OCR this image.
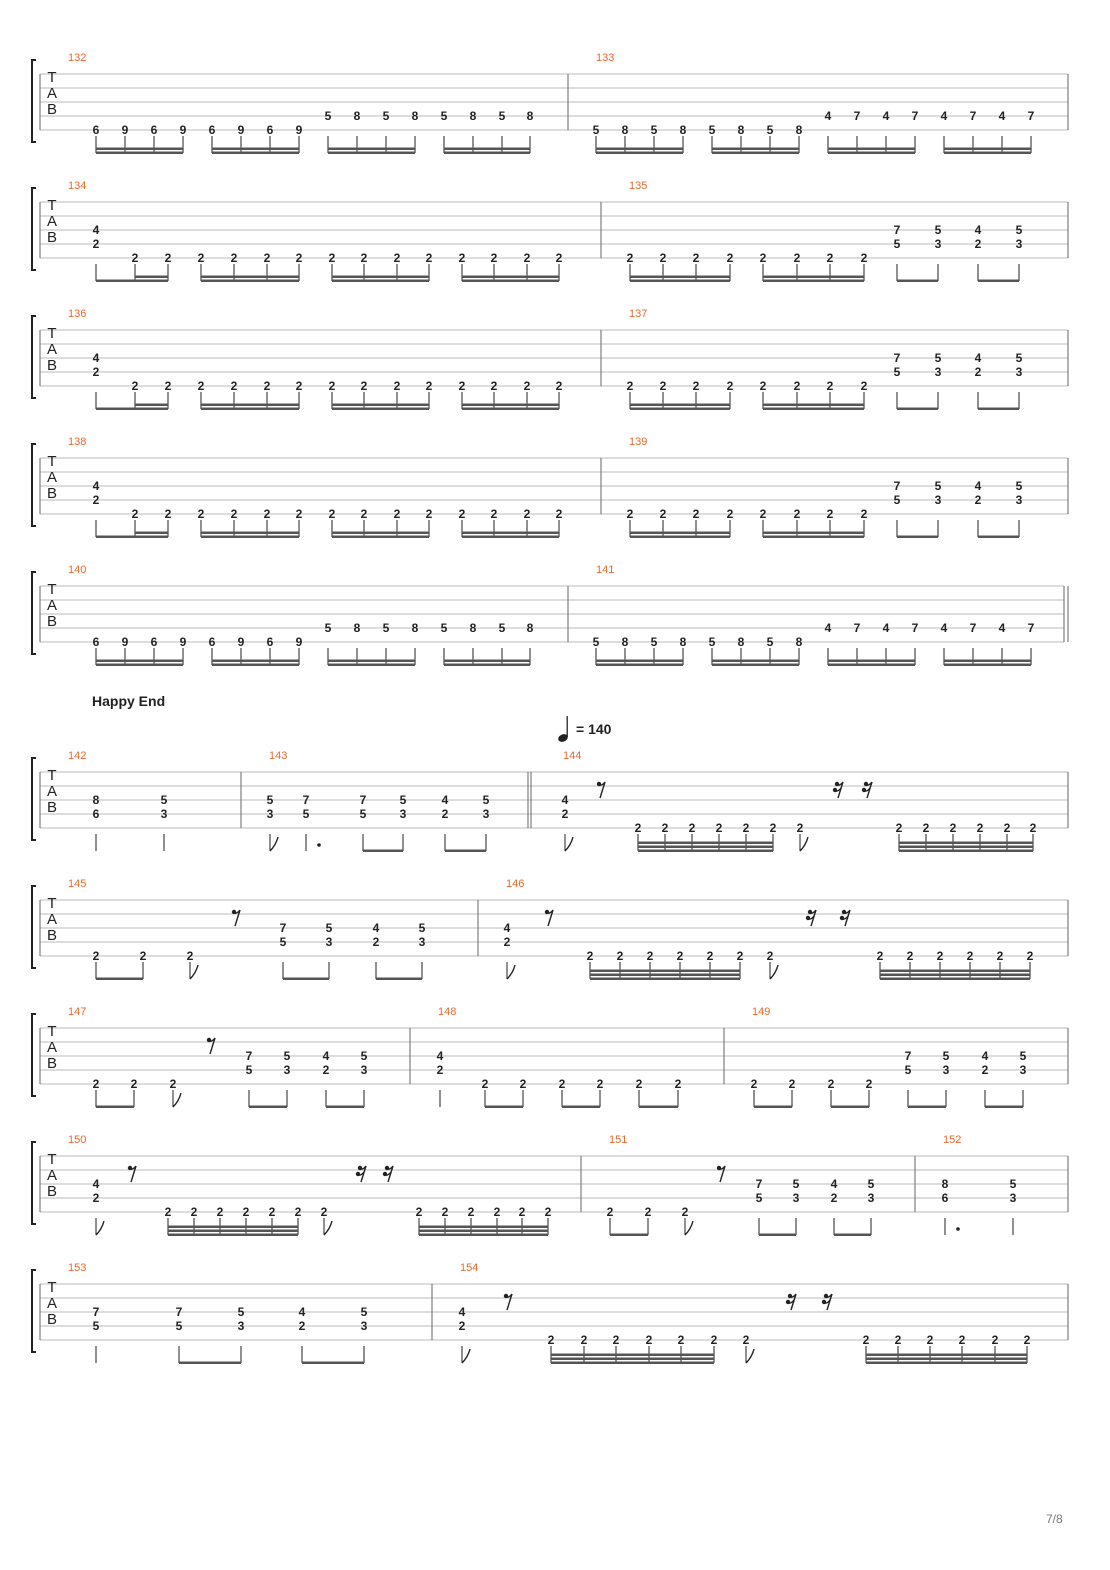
T
A
B
132
6 9 6 9 6 9 6 9
5 8 5 8 5 8 5 8
133
5 8 5 8 5 8 5 8
4 7 4 7 4 7 4 7
T
A
B
134
4
2
2 2 2 2 2 2 2 2 2 2 2 2 2 2
135
2 2 2 2 2 2 2 2
7
5
5
3
4
2
5
3
T
A
B
136
4
2
2 2 2 2 2 2 2 2 2 2 2 2 2 2
137
2 2 2 2 2 2 2 2
7
5
5
3
4
2
5
3
T
A
B
138
4
2
2 2 2 2 2 2 2 2 2 2 2 2 2 2
139
2 2 2 2 2 2 2 2
7
5
5
3
4
2
5
3
T
A
B
140
6 9 6 9 6 9 6 9
5 8 5 8 5 8 5 8
141
5 8 5 8 5 8 5 8
4 7 4 7 4 7 4 7
T
A
B
142
8
6
5
3
143
5
3
7
5
7
5
5
3
4
2
5
3
144
4
2
2 2 2 2 2 2 2	2 2 2 2 2 2
T
A
B
145
2	2	2
7
5
5
3
4
2
5
3
146
4
2
2 2 2 2 2 2 2	2 2 2 2 2 2
T
A
B
147
2	2	2
7
5
5
3
4
2
5
3
148
4
2
2	2	2	2	2	2
149
2	2	2	2
7
5
5
3
4
2
5
3
T
A
B
150
4
2
2 2 2 2 2 2 2	2 2 2 2 2 2
151
2	2	2
7
5
5
3
4
2
5
3
152
8
6
5
3
T
A
B
153
7
5
7
5
5
3
4
2
5
3
154
4
2
2 2 2 2 2 2 2	2 2 2 2 2 2
Happy End
= 140
7/8
